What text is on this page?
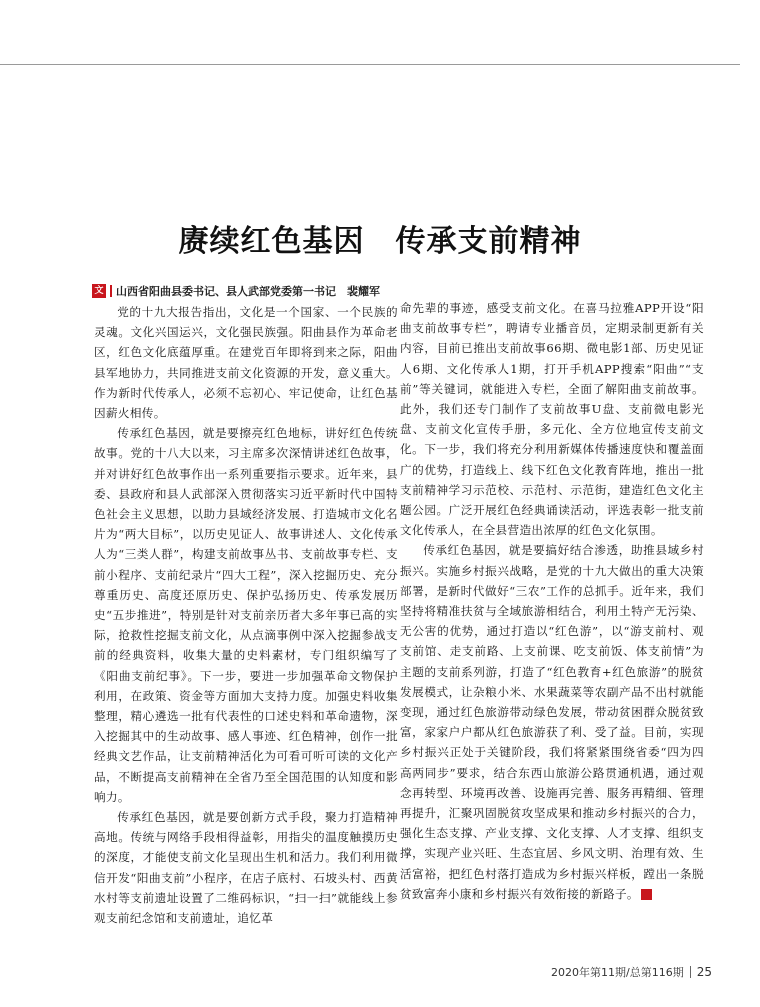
赓续红色基因　传承支前精神
文 山西省阳曲县委书记、县人武部党委第一书记　裴耀军

党的十九大报告指出，文化是一个国家、一个民族的灵魂。文化兴国运兴，文化强民族强。阳曲县作为革命老区，红色文化底蕴厚重。在建党百年即将到来之际，阳曲县军地协力，共同推进支前文化资源的开发，意义重大。作为新时代传承人，必须不忘初心、牢记使命，让红色基因薪火相传。

传承红色基因，就是要擦亮红色地标，讲好红色传统故事。党的十八大以来，习主席多次深情讲述红色故事，并对讲好红色故事作出一系列重要指示要求。近年来，县委、县政府和县人武部深入贯彻落实习近平新时代中国特色社会主义思想，以助力县域经济发展、打造城市文化名片为“两大目标”，以历史见证人、故事讲述人、文化传承人为“三类人群”，构建支前故事丛书、支前故事专栏、支前小程序、支前纪录片“四大工程”，深入挖掘历史、充分尊重历史、高度还原历史、保护弘扬历史、传承发展历史“五步推进”，特别是针对支前亲历者大多年事已高的实际，抢救性挖掘支前文化，从点滴事例中深入挖掘参战支前的经典资料，收集大量的史料素材，专门组织编写了《阳曲支前纪事》。下一步，要进一步加强革命文物保护利用，在政策、资金等方面加大支持力度。加强史料收集整理，精心遴选一批有代表性的口述史料和革命遗物，深入挖掘其中的生动故事、感人事迹、红色精神，创作一批经典文艺作品，让支前精神活化为可看可听可读的文化产品，不断提高支前精神在全省乃至全国范围的认知度和影响力。

传承红色基因，就是要创新方式手段，聚力打造精神高地。传统与网络手段相得益彰，用指尖的温度触摸历史的深度，才能使支前文化呈现出生机和活力。我们利用微信开发“阳曲支前”小程序，在店子底村、石坡头村、西黄水村等支前遗址设置了二维码标识，“扫一扫”就能线上参观支前纪念馆和支前遗址，追忆革

命先辈的事迹，感受支前文化。在喜马拉雅APP开设“阳曲支前故事专栏”，聘请专业播音员，定期录制更新有关内容，目前已推出支前故事66期、微电影1部、历史见证人6期、文化传承人1期，打开手机APP搜索“阳曲”“支前”等关键词，就能进入专栏，全面了解阳曲支前故事。此外，我们还专门制作了支前故事U盘、支前微电影光盘、支前文化宣传手册，多元化、全方位地宣传支前文化。下一步，我们将充分利用新媒体传播速度快和覆盖面广的优势，打造线上、线下红色文化教育阵地，推出一批支前精神学习示范校、示范村、示范街，建造红色文化主题公园。广泛开展红色经典诵读活动，评选表彰一批支前文化传承人，在全县营造出浓厚的红色文化氛围。

传承红色基因，就是要搞好结合渗透，助推县域乡村振兴。实施乡村振兴战略，是党的十九大做出的重大决策部署，是新时代做好“三农”工作的总抓手。近年来，我们坚持将精准扶贫与全域旅游相结合，利用土特产无污染、无公害的优势，通过打造以“红色游”，以“游支前村、观支前馆、走支前路、上支前课、吃支前饭、体支前情”为主题的支前系列游，打造了“红色教育+红色旅游”的脱贫发展模式，让杂粮小米、水果蔬菜等农副产品不出村就能变现，通过红色旅游带动绿色发展，带动贫困群众脱贫致富，家家户户都从红色旅游获了利、受了益。目前，实现乡村振兴正处于关键阶段，我们将紧紧围绕省委“四为四高两同步”要求，结合东西山旅游公路贯通机遇，通过观念再转型、环境再改善、设施再完善、服务再精细、管理再提升，汇聚巩固脱贫攻坚成果和推动乡村振兴的合力，强化生态支撑、产业支撑、文化支撑、人才支撑、组织支撑，实现产业兴旺、生态宜居、乡风文明、治理有效、生活富裕，把红色村落打造成为乡村振兴样板，蹚出一条脱贫致富奔小康和乡村振兴有效衔接的新路子。	G

2020年第11期/总第116期 25
